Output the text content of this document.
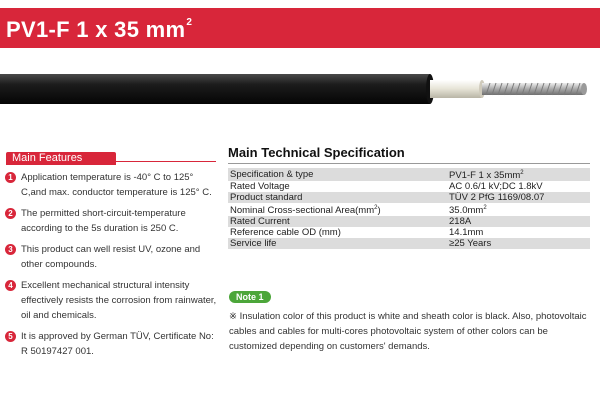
PV1-F 1 x 35 $mm^2$
Main Features
1 Application temperature is -40° C to 125° C,and max. conductor temperature is 125° C.
2 The permitted short-circuit-temperature according to the 5s duration is 250 C.
3 This product can well resist UV, ozone and other compounds.
4 Excellent mechanical structural intensity effectively resists the corrosion from rainwater, oil and chemicals.
5 It is approved by German TÜV, Certificate No: R 50197427 001.
Main Technical Specification
Specification & type	PV1-F 1 x $35mm^2$
Rated Voltage	AC 0.6/1 kV;DC 1.8kV
Product standard	TÜV 2 PfG 1169/08.07
Nominal Cross-sectional $Area(mm^2)$	$35.0mm^2$
Rated Current	218A
Reference cable OD (mm)	14.1mm
Service life	≥25 Years
Note 1
※ Insulation color of this product is white and sheath color is black. Also, photovoltaic cables and cables for multi-cores photovoltaic system of other colors can be customized depending on customers' demands.
